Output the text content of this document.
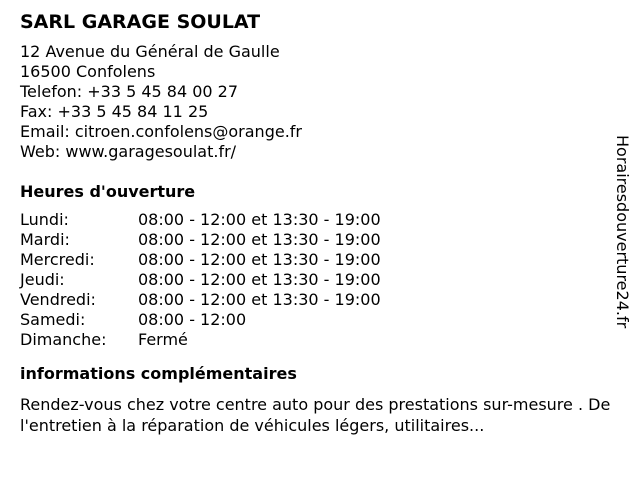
SARL GARAGE SOULAT
12 Avenue du Général de Gaulle
16500 Confolens
Telefon: +33 5 45 84 00 27
Fax: +33 5 45 84 11 25
Email: citroen.confolens@orange.fr
Web: www.garagesoulat.fr/
Heures d'ouverture
Lundi:	08:00 - 12:00 et 13:30 - 19:00
Mardi:	08:00 - 12:00 et 13:30 - 19:00
Mercredi:	08:00 - 12:00 et 13:30 - 19:00
Jeudi:	08:00 - 12:00 et 13:30 - 19:00
Vendredi:	08:00 - 12:00 et 13:30 - 19:00
Samedi:	08:00 - 12:00
Dimanche:	Fermé
informations complémentaires
Rendez-vous chez votre centre auto pour des prestations sur-mesure . De l'entretien à la réparation de véhicules légers, utilitaires...
Horairesdouverture24.fr
